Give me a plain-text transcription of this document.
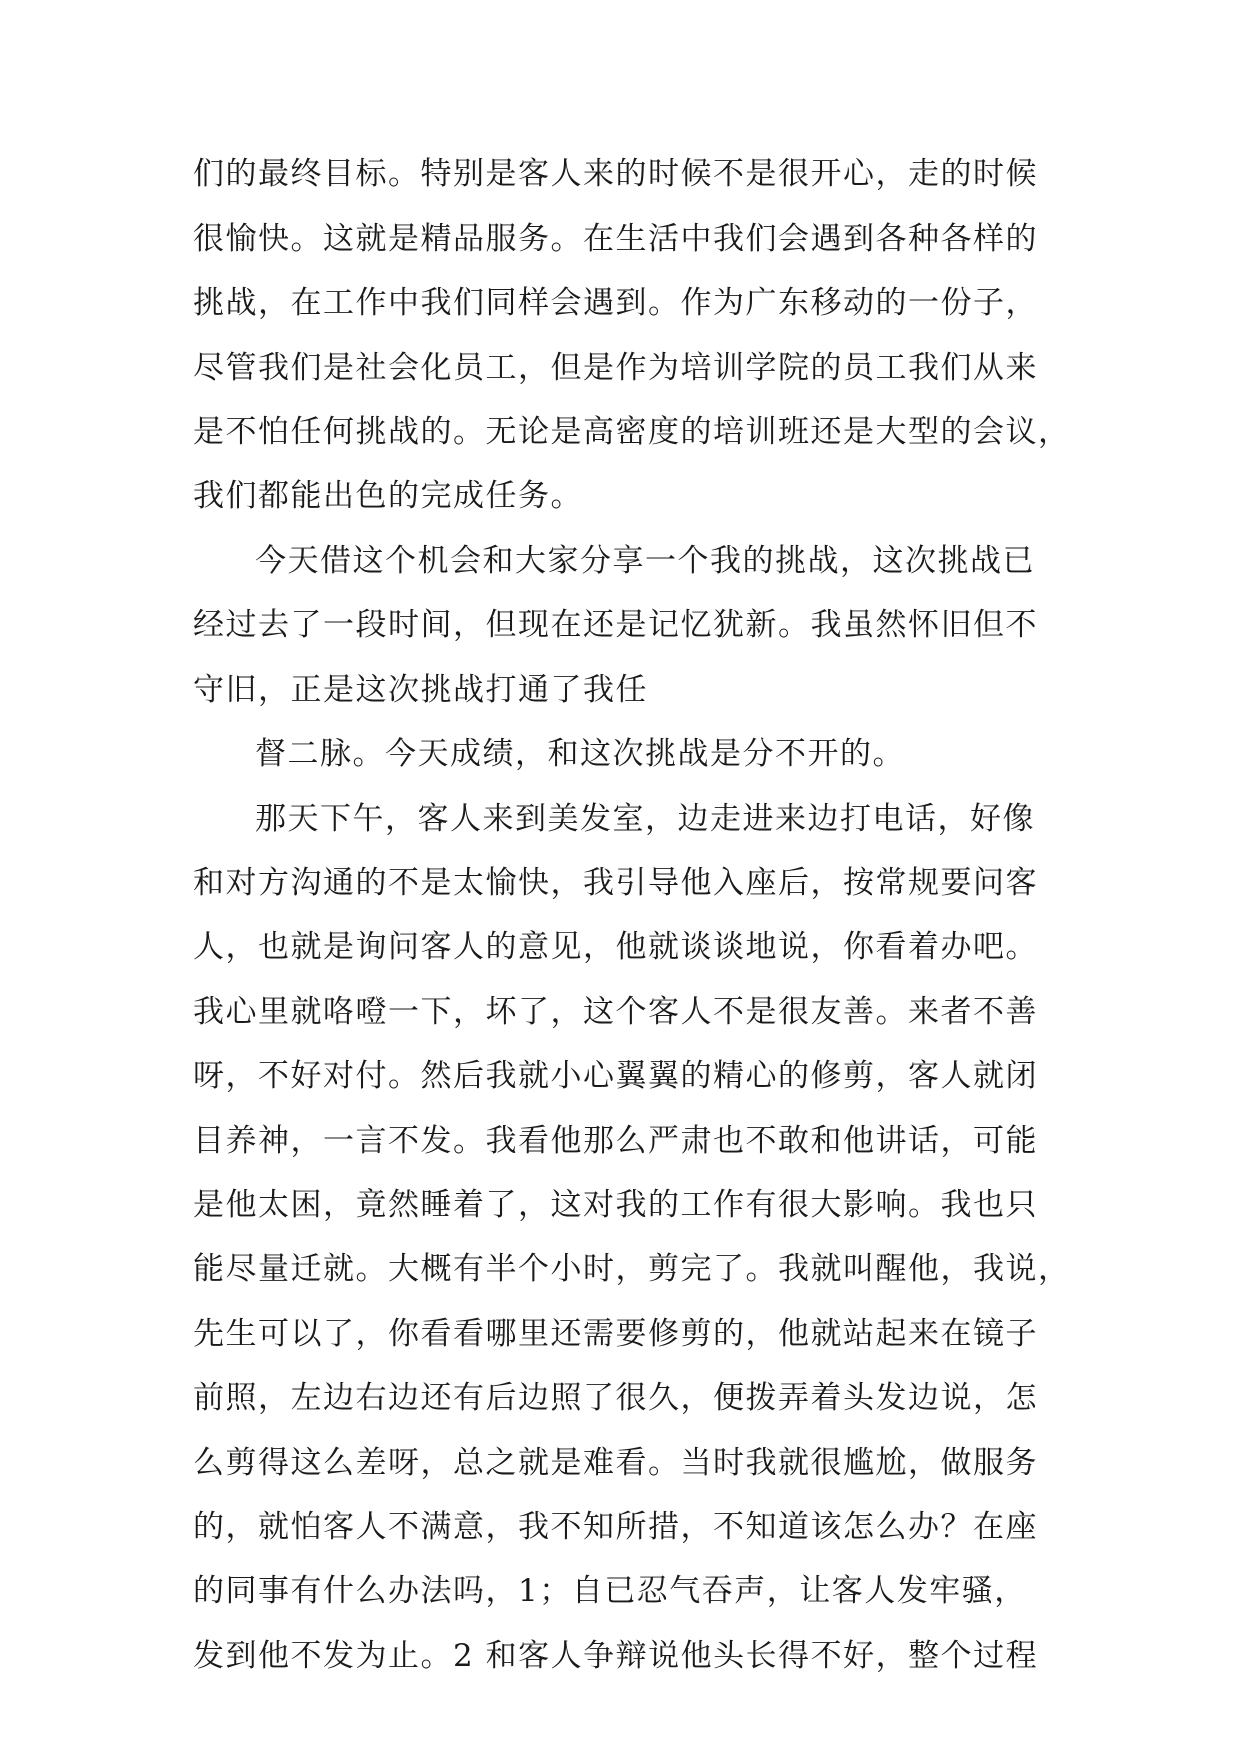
们的最终目标。特别是客人来的时候不是很开心，走的时候
很愉快。这就是精品服务。在生活中我们会遇到各种各样的
挑战，在工作中我们同样会遇到。作为广东移动的一份子，
尽管我们是社会化员工，但是作为培训学院的员工我们从来
是不怕任何挑战的。无论是高密度的培训班还是大型的会议，
我们都能出色的完成任务。
今天借这个机会和大家分享一个我的挑战，这次挑战已
经过去了一段时间，但现在还是记忆犹新。我虽然怀旧但不
守旧，正是这次挑战打通了我任
督二脉。今天成绩，和这次挑战是分不开的。
那天下午，客人来到美发室，边走进来边打电话，好像
和对方沟通的不是太愉快，我引导他入座后，按常规要问客
人，也就是询问客人的意见，他就谈谈地说，你看着办吧。
我心里就咯噔一下，坏了，这个客人不是很友善。来者不善
呀，不好对付。然后我就小心翼翼的精心的修剪，客人就闭
目养神，一言不发。我看他那么严肃也不敢和他讲话，可能
是他太困，竟然睡着了，这对我的工作有很大影响。我也只
能尽量迁就。大概有半个小时，剪完了。我就叫醒他，我说，
先生可以了，你看看哪里还需要修剪的，他就站起来在镜子
前照，左边右边还有后边照了很久，便拨弄着头发边说，怎
么剪得这么差呀，总之就是难看。当时我就很尴尬，做服务
的，就怕客人不满意，我不知所措，不知道该怎么办？在座
的同事有什么办法吗，1；自已忍气吞声，让客人发牢骚，
发到他不发为止。2 和客人争辩说他头长得不好，整个过程
